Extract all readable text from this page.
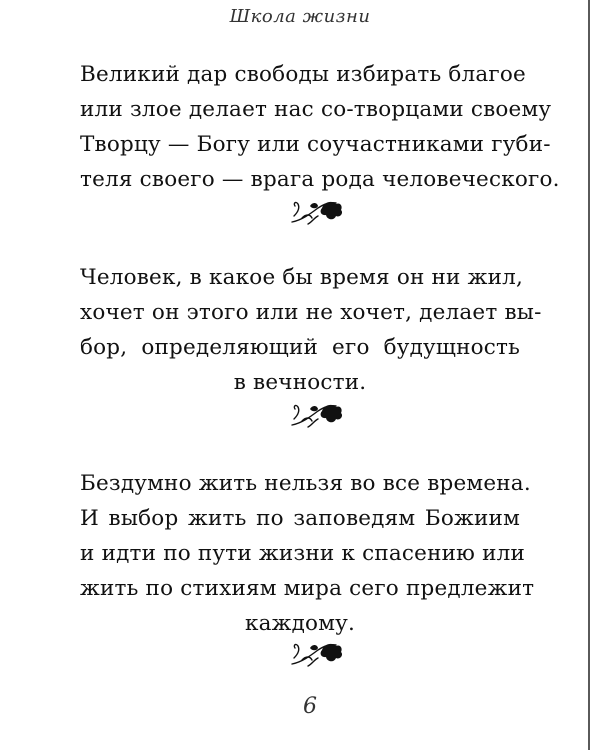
Школа жизни
Великий дар свободы избирать благое
или злое делает нас со-творцами своему
Творцу — Богу или соучастниками губи-
теля своего — врага рода человеческого.
Человек, в какое бы время он ни жил,
хочет он этого или не хочет, делает вы-
бор, определяющий его будущность
в вечности.
Бездумно жить нельзя во все времена.
И выбор жить по заповедям Божиим
и идти по пути жизни к спасению или
жить по стихиям мира сего предлежит
каждому.
6
